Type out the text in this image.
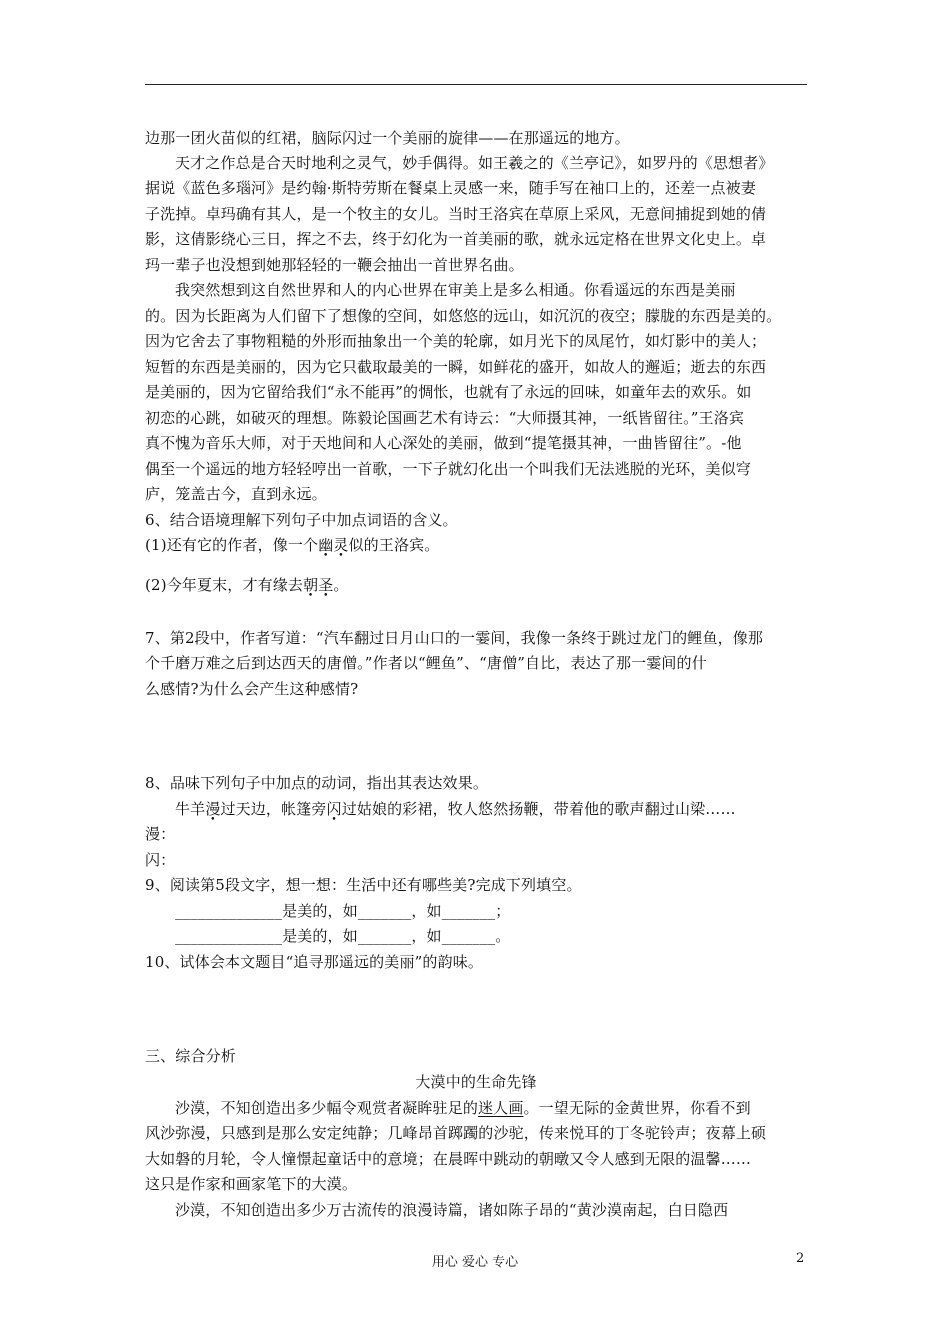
边那一团火苗似的红裙，脑际闪过一个美丽的旋律——在那遥远的地方。
天才之作总是合天时地利之灵气，妙手偶得。如王羲之的《兰亭记》，如罗丹的《思想者》
据说《蓝色多瑙河》是约翰·斯特劳斯在餐桌上灵感一来，随手写在袖口上的，还差一点被妻
子洗掉。卓玛确有其人，是一个牧主的女儿。当时王洛宾在草原上采风，无意间捕捉到她的倩
影，这倩影绕心三日，挥之不去，终于幻化为一首美丽的歌，就永远定格在世界文化史上。卓
玛一辈子也没想到她那轻轻的一鞭会抽出一首世界名曲。
我突然想到这自然世界和人的内心世界在审美上是多么相通。你看遥远的东西是美丽
的。因为长距离为人们留下了想像的空间，如悠悠的远山，如沉沉的夜空；朦胧的东西是美的。
因为它舍去了事物粗糙的外形而抽象出一个美的轮廓，如月光下的凤尾竹，如灯影中的美人；
短暂的东西是美丽的，因为它只截取最美的一瞬，如鲜花的盛开，如故人的邂逅；逝去的东西
是美丽的，因为它留给我们“永不能再”的惆怅，也就有了永远的回味，如童年去的欢乐。如
初恋的心跳，如破灭的理想。陈毅论国画艺术有诗云：“大师摄其神，一纸皆留往。”王洛宾
真不愧为音乐大师，对于天地间和人心深处的美丽，做到“提笔摄其神，一曲皆留往”。-他
偶至一个遥远的地方轻轻哼出一首歌，一下子就幻化出一个叫我们无法逃脱的光环，美似穹
庐，笼盖古今，直到永远。
6、结合语境理解下列句子中加点词语的含义。
(1)还有它的作者，像一个幽灵似的王洛宾。
(2)今年夏末，才有缘去朝圣。
7、第2段中，作者写道：“汽车翻过日月山口的一霎间，我像一条终于跳过龙门的鲤鱼，像那
个千磨万难之后到达西天的唐僧。”作者以“鲤鱼”、“唐僧”自比，表达了那一霎间的什
么感情?为什么会产生这种感情?
8、品味下列句子中加点的动词，指出其表达效果。
牛羊漫过天边，帐篷旁闪过姑娘的彩裙，牧人悠然扬鞭，带着他的歌声翻过山梁……
漫：
闪：
9、阅读第5段文字，想一想：生活中还有哪些美?完成下列填空。
______________是美的，如_______，如_______；
______________是美的，如_______，如_______。
10、试体会本文题目“追寻那遥远的美丽”的韵味。
三、综合分析
大漠中的生命先锋
沙漠，不知创造出多少幅令观赏者凝眸驻足的迷人画。一望无际的金黄世界，你看不到
风沙弥漫，只感到是那么安定纯静；几峰昂首踯躅的沙驼，传来悦耳的丁冬驼铃声；夜幕上硕
大如磐的月轮，令人憧憬起童话中的意境；在晨晖中跳动的朝暾又令人感到无限的温馨……
这只是作家和画家笔下的大漠。
沙漠，不知创造出多少万古流传的浪漫诗篇，诸如陈子昂的“黄沙漠南起，白日隐西
用心 爱心 专心	2
